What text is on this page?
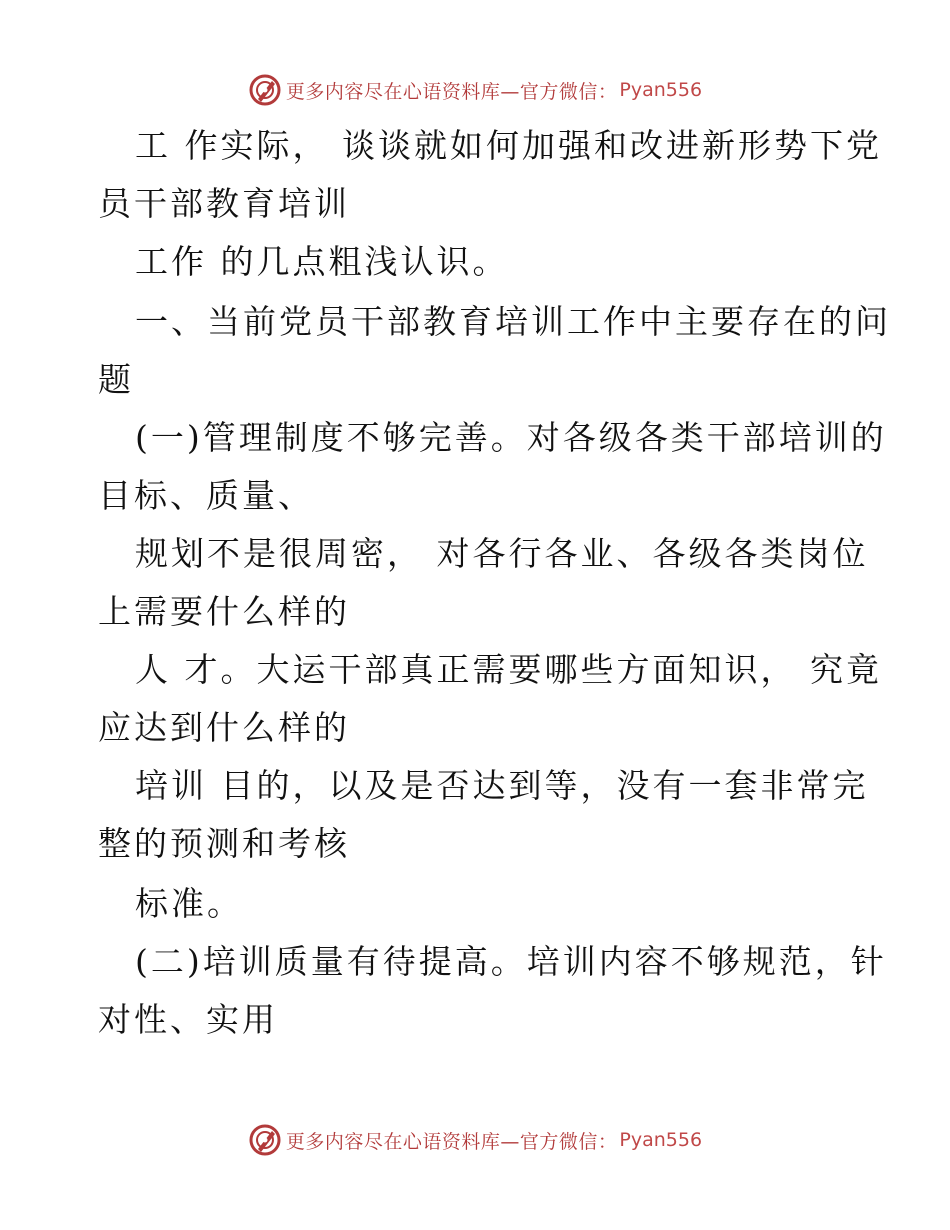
更多内容尽在心语资料库—官方微信： Pyan556
工 作实际， 谈谈就如何加强和改进新形势下党
员干部教育培训
工作 的几点粗浅认识。
一、当前党员干部教育培训工作中主要存在的问
题
(一)管理制度不够完善。对各级各类干部培训的
目标、质量、
规划不是很周密， 对各行各业、各级各类岗位
上需要什么样的
人 才。大运干部真正需要哪些方面知识， 究竟
应达到什么样的
培训 目的，以及是否达到等，没有一套非常完
整的预测和考核
标准。
(二)培训质量有待提高。培训内容不够规范，针
对性、实用
更多内容尽在心语资料库—官方微信： Pyan556
